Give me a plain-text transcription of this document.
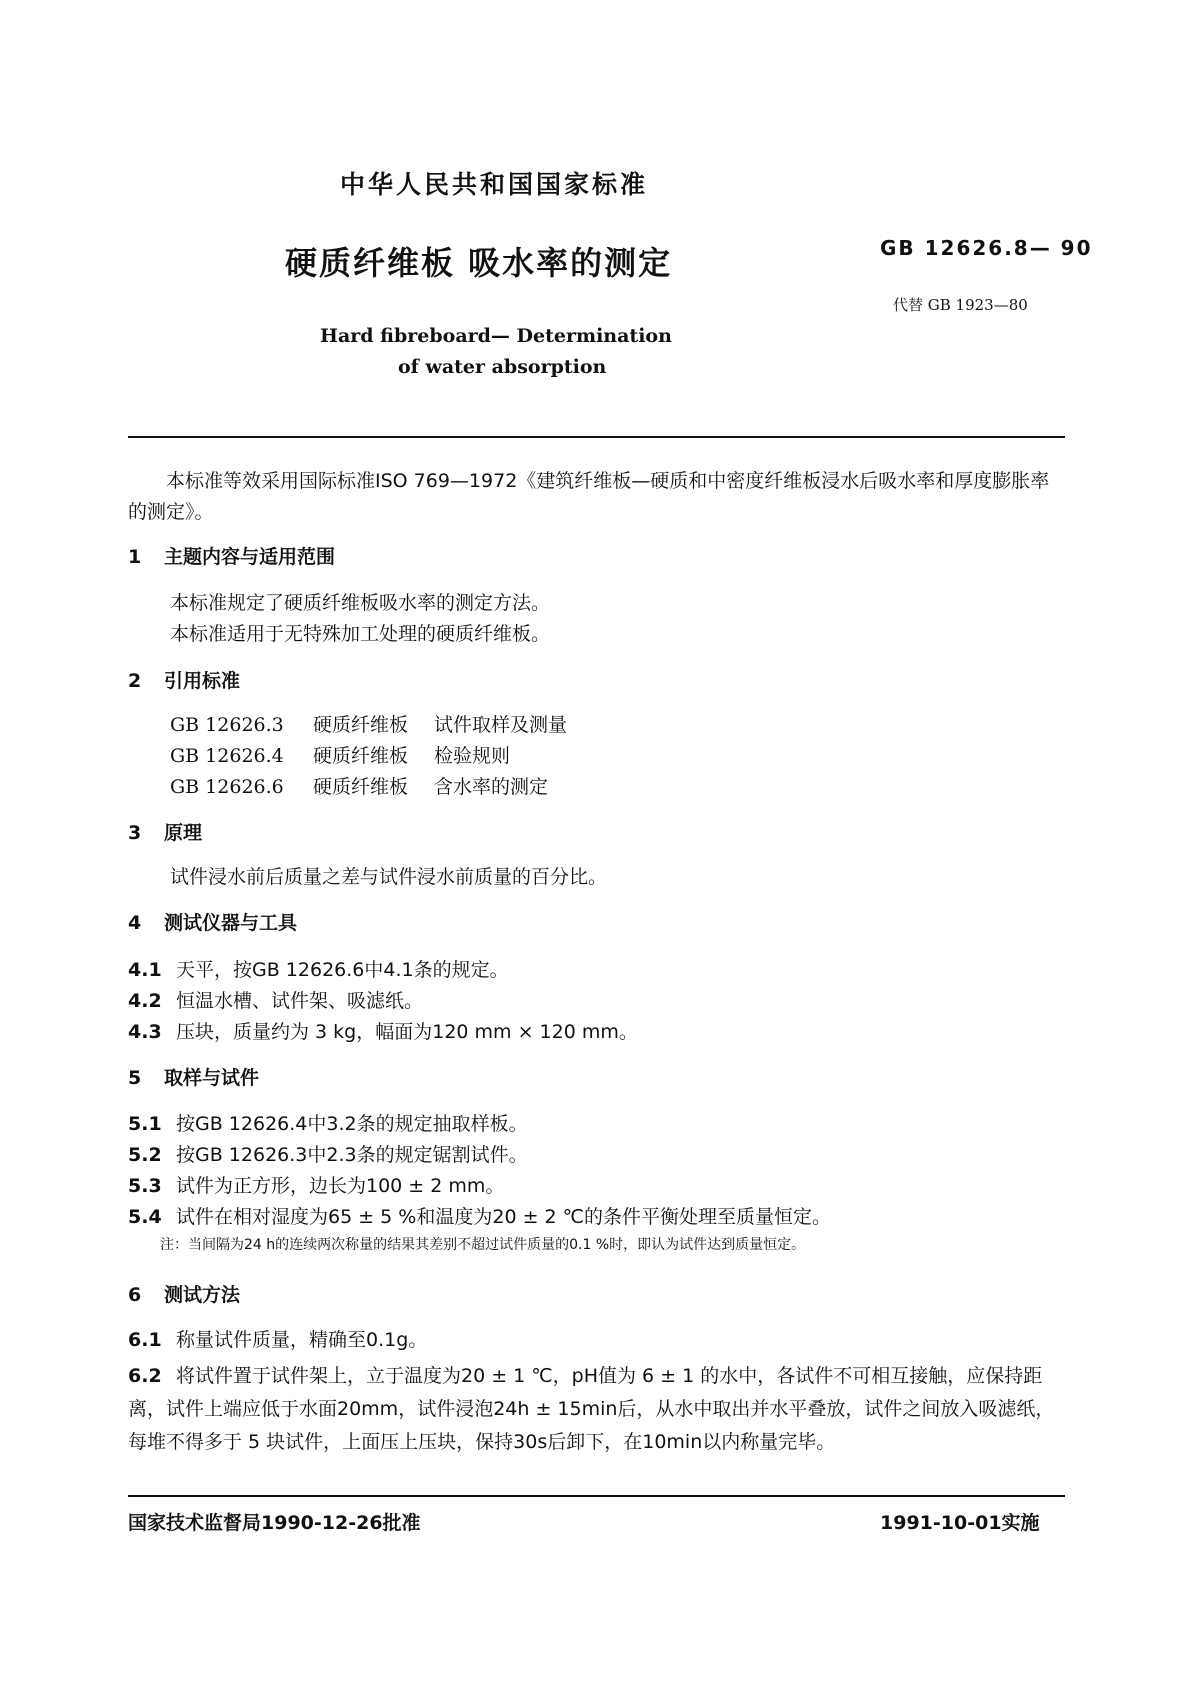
中华人民共和国国家标准
硬质纤维板 吸水率的测定	GB 12626.8— 90
代替 GB 1923—80
Hard fibreboard— Determination
of water absorption
本标准等效采用国际标准ISO 769—1972《建筑纤维板—硬质和中密度纤维板浸水后吸水率和厚度膨胀率的测定》。
1 主题内容与适用范围
本标准规定了硬质纤维板吸水率的测定方法。
本标准适用于无特殊加工处理的硬质纤维板。
2 引用标准
GB 12626.3 硬质纤维板 试件取样及测量
GB 12626.4 硬质纤维板 检验规则
GB 12626.6 硬质纤维板 含水率的测定
3 原理
试件浸水前后质量之差与试件浸水前质量的百分比。
4 测试仪器与工具
4.1 天平，按GB 12626.6中4.1条的规定。
4.2 恒温水槽、试件架、吸滤纸。
4.3 压块，质量约为 3 kg，幅面为120 mm × 120 mm。
5 取样与试件
5.1 按GB 12626.4中3.2条的规定抽取样板。
5.2 按GB 12626.3中2.3条的规定锯割试件。
5.3 试件为正方形，边长为100 ± 2 mm。
5.4 试件在相对湿度为65 ± 5 %和温度为20 ± 2 ℃的条件平衡处理至质量恒定。
注：当间隔为24 h的连续两次称量的结果其差别不超过试件质量的0.1 %时，即认为试件达到质量恒定。
6 测试方法
6.1 称量试件质量，精确至0.1g。
6.2 将试件置于试件架上，立于温度为20 ± 1 ℃，pH值为 6 ± 1 的水中，各试件不可相互接触，应保持距离，试件上端应低于水面20mm，试件浸泡24h ± 15min后，从水中取出并水平叠放，试件之间放入吸滤纸，每堆不得多于 5 块试件，上面压上压块，保持30s后卸下，在10min以内称量完毕。
国家技术监督局1990-12-26批准	1991-10-01实施
